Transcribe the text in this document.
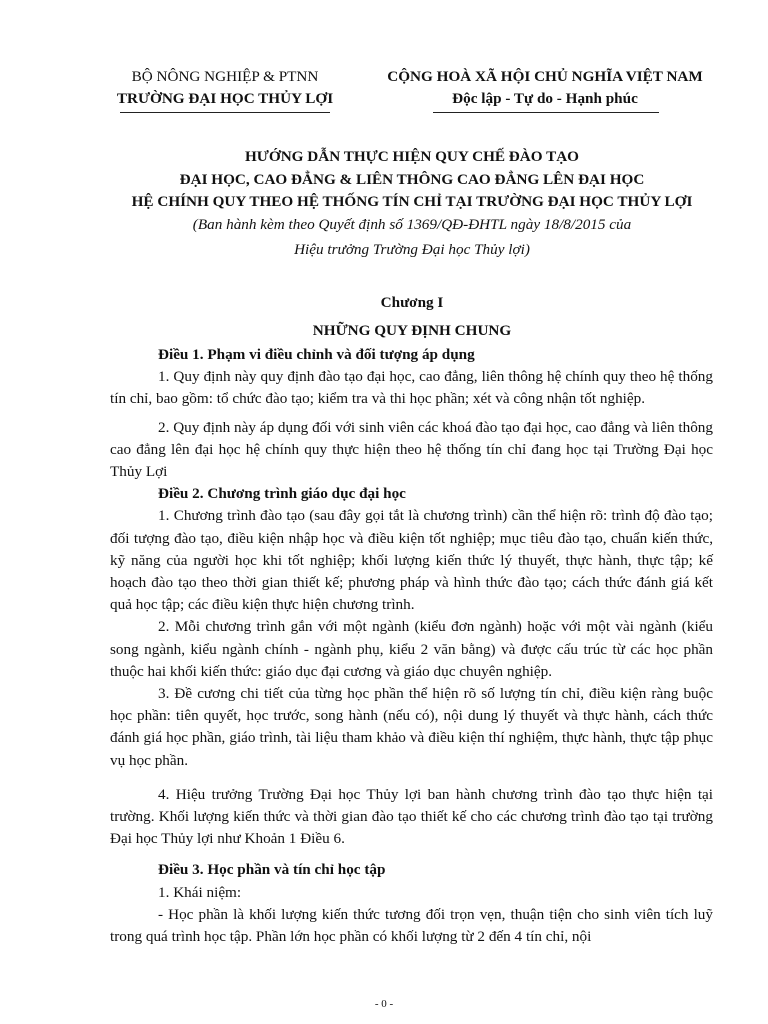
BỘ NÔNG NGHIỆP & PTNN
TRƯỜNG ĐẠI HỌC THỦY LỢI
CỘNG HOÀ XÃ HỘI CHỦ NGHĨA VIỆT NAM
Độc lập - Tự do - Hạnh phúc
HƯỚNG DẪN THỰC HIỆN QUY CHẾ ĐÀO TẠO
ĐẠI HỌC, CAO ĐẲNG & LIÊN THÔNG CAO ĐẲNG LÊN ĐẠI HỌC
HỆ CHÍNH QUY THEO HỆ THỐNG TÍN CHỈ TẠI TRƯỜNG ĐẠI HỌC THỦY LỢI
(Ban hành kèm theo Quyết định số 1369/QĐ-ĐHTL ngày 18/8/2015 của
Hiệu trưởng Trường Đại học Thủy lợi)
Chương I
NHỮNG QUY ĐỊNH CHUNG

Điều 1. Phạm vi điều chỉnh và đối tượng áp dụng

1. Quy định này quy định đào tạo đại học, cao đẳng, liên thông hệ chính quy theo hệ thống tín chỉ, bao gồm: tổ chức đào tạo; kiểm tra và thi học phần; xét và công nhận tốt nghiệp.

2. Quy định này áp dụng đối với sinh viên các khoá đào tạo đại học, cao đẳng và liên thông cao đẳng lên đại học hệ chính quy thực hiện theo hệ thống tín chỉ đang học tại Trường Đại học Thủy Lợi

Điều 2. Chương trình giáo dục đại học

1. Chương trình đào tạo (sau đây gọi tắt là chương trình) cần thể hiện rõ: trình độ đào tạo; đối tượng đào tạo, điều kiện nhập học và điều kiện tốt nghiệp; mục tiêu đào tạo, chuẩn kiến thức, kỹ năng của người học khi tốt nghiệp; khối lượng kiến thức lý thuyết, thực hành, thực tập; kế hoạch đào tạo theo thời gian thiết kế; phương pháp và hình thức đào tạo; cách thức đánh giá kết quả học tập; các điều kiện thực hiện chương trình.

2. Mỗi chương trình gắn với một ngành (kiểu đơn ngành) hoặc với một vài ngành (kiểu song ngành, kiểu ngành chính - ngành phụ, kiểu 2 văn bằng) và được cấu trúc từ các học phần thuộc hai khối kiến thức: giáo dục đại cương và giáo dục chuyên nghiệp.

3. Đề cương chi tiết của từng học phần thể hiện rõ số lượng tín chỉ, điều kiện ràng buộc học phần: tiên quyết, học trước, song hành (nếu có), nội dung lý thuyết và thực hành, cách thức đánh giá học phần, giáo trình, tài liệu tham khảo và điều kiện thí nghiệm, thực hành, thực tập phục vụ học phần.

4. Hiệu trưởng Trường Đại học Thủy lợi ban hành chương trình đào tạo thực hiện tại trường. Khối lượng kiến thức và thời gian đào tạo thiết kế cho các chương trình đào tạo tại trường Đại học Thủy lợi như Khoản 1 Điều 6.

Điều 3. Học phần và tín chỉ học tập

1. Khái niệm:

- Học phần là khối lượng kiến thức tương đối trọn vẹn, thuận tiện cho sinh viên tích luỹ trong quá trình học tập. Phần lớn học phần có khối lượng từ 2 đến 4 tín chỉ, nội

- 0 -
